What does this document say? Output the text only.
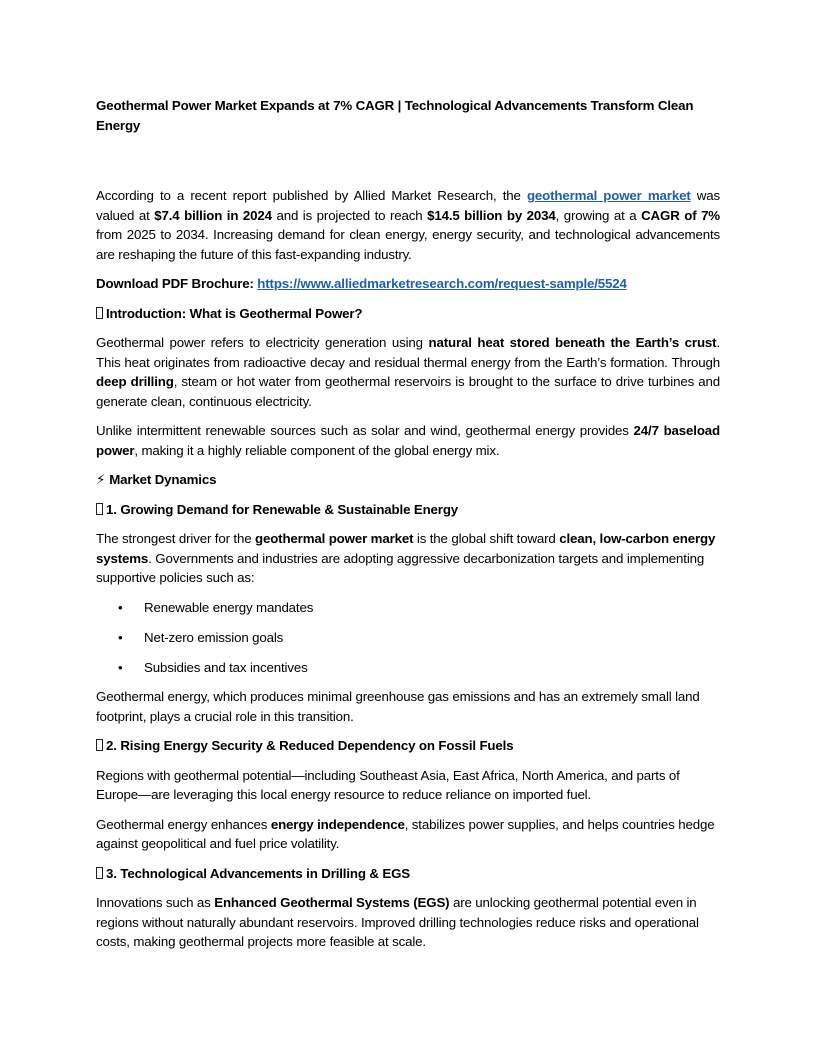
Geothermal Power Market Expands at 7% CAGR | Technological Advancements Transform Clean Energy

According to a recent report published by Allied Market Research, the geothermal power market was valued at $7.4 billion in 2024 and is projected to reach $14.5 billion by 2034, growing at a CAGR of 7% from 2025 to 2034. Increasing demand for clean energy, energy security, and technological advancements are reshaping the future of this fast-expanding industry.

Download PDF Brochure: https://www.alliedmarketresearch.com/request-sample/5524

Introduction: What is Geothermal Power?

Geothermal power refers to electricity generation using natural heat stored beneath the Earth’s crust. This heat originates from radioactive decay and residual thermal energy from the Earth’s formation. Through deep drilling, steam or hot water from geothermal reservoirs is brought to the surface to drive turbines and generate clean, continuous electricity.

Unlike intermittent renewable sources such as solar and wind, geothermal energy provides 24/7 baseload power, making it a highly reliable component of the global energy mix.

⚡ Market Dynamics

1. Growing Demand for Renewable & Sustainable Energy

The strongest driver for the geothermal power market is the global shift toward clean, low-carbon energy systems. Governments and industries are adopting aggressive decarbonization targets and implementing supportive policies such as:

• Renewable energy mandates
• Net-zero emission goals
• Subsidies and tax incentives

Geothermal energy, which produces minimal greenhouse gas emissions and has an extremely small land footprint, plays a crucial role in this transition.

2. Rising Energy Security & Reduced Dependency on Fossil Fuels

Regions with geothermal potential—including Southeast Asia, East Africa, North America, and parts of Europe—are leveraging this local energy resource to reduce reliance on imported fuel.

Geothermal energy enhances energy independence, stabilizes power supplies, and helps countries hedge against geopolitical and fuel price volatility.

3. Technological Advancements in Drilling & EGS

Innovations such as Enhanced Geothermal Systems (EGS) are unlocking geothermal potential even in regions without naturally abundant reservoirs. Improved drilling technologies reduce risks and operational costs, making geothermal projects more feasible at scale.
